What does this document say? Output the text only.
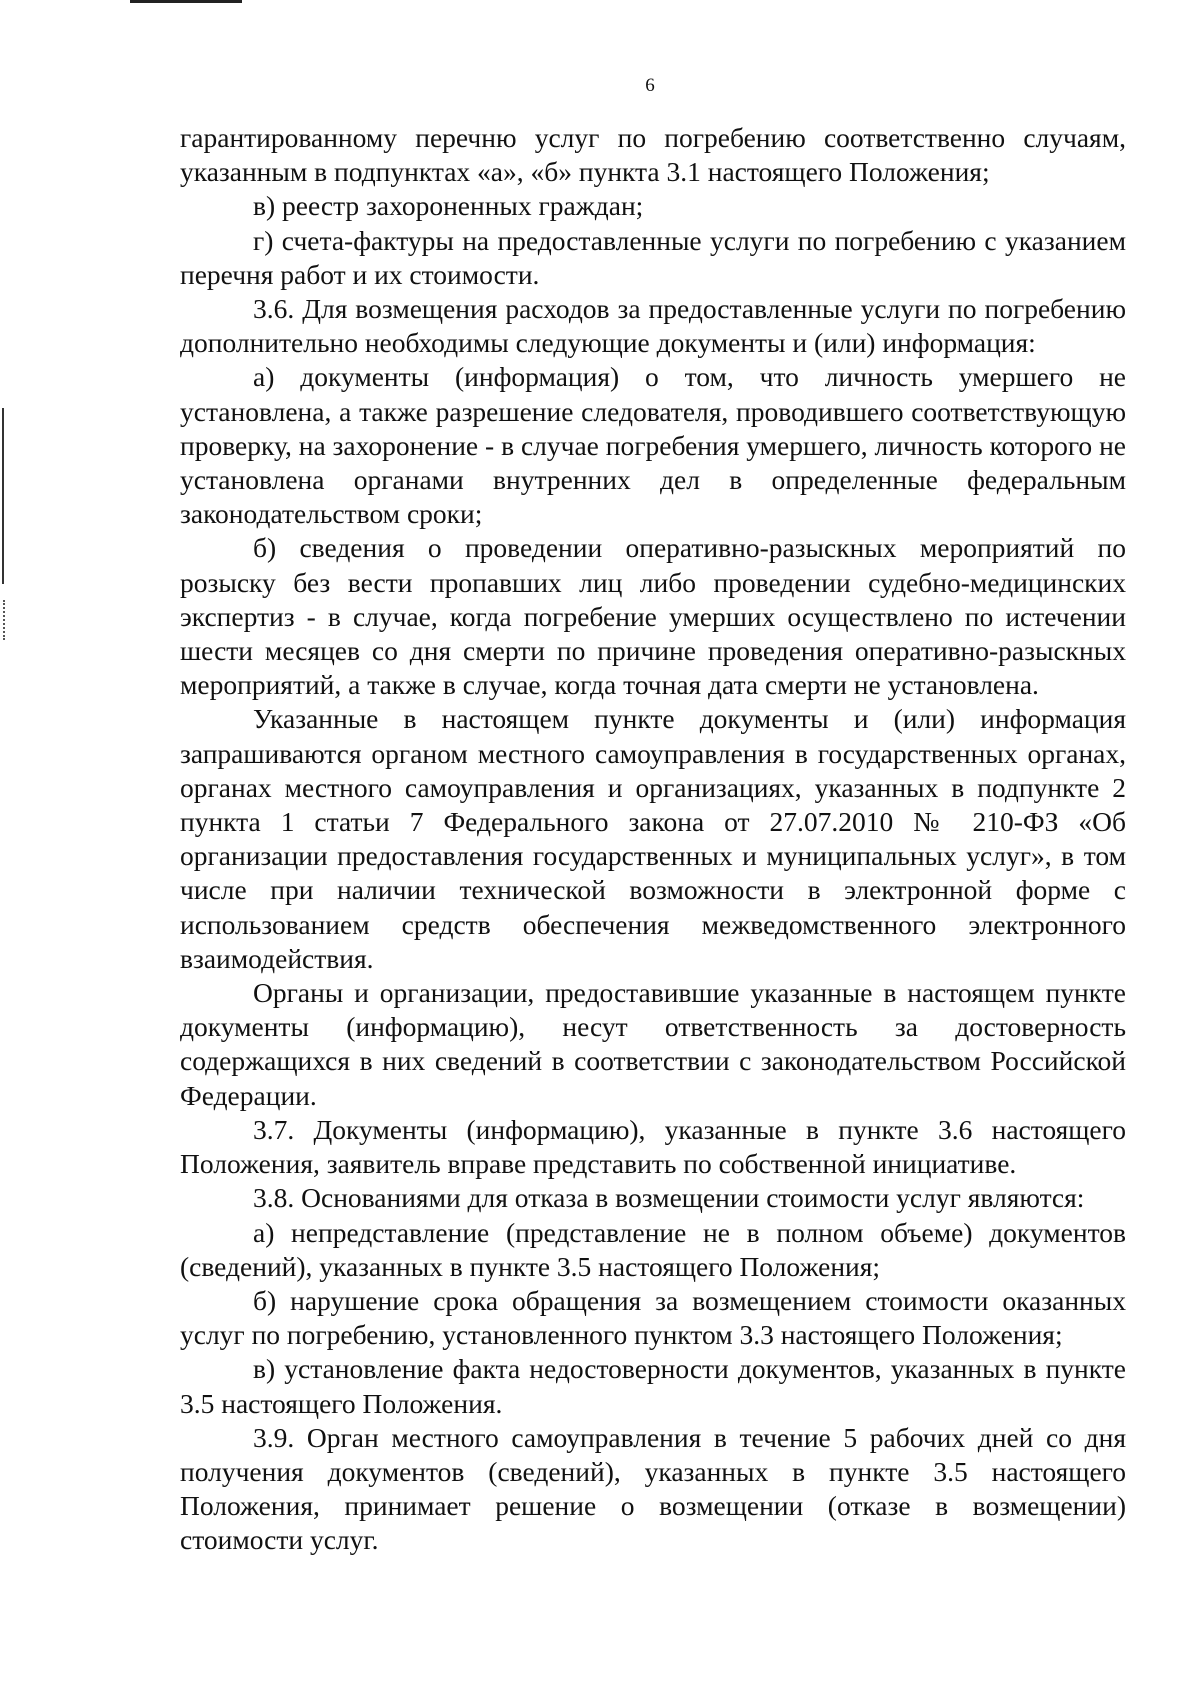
6

гарантированному перечню услуг по погребению соответственно случаям, указанным в подпунктах «а», «б» пункта 3.1 настоящего Положения;

в) реестр захороненных граждан;

г) счета-фактуры на предоставленные услуги по погребению с указанием перечня работ и их стоимости.

3.6. Для возмещения расходов за предоставленные услуги по погребению дополнительно необходимы следующие документы и (или) информация:

а) документы (информация) о том, что личность умершего не установлена, а также разрешение следователя, проводившего соответствующую проверку, на захоронение - в случае погребения умершего, личность которого не установлена органами внутренних дел в определенные федеральным законодательством сроки;

б) сведения о проведении оперативно-разыскных мероприятий по розыску без вести пропавших лиц либо проведении судебно-медицинских экспертиз - в случае, когда погребение умерших осуществлено по истечении шести месяцев со дня смерти по причине проведения оперативно-разыскных мероприятий, а также в случае, когда точная дата смерти не установлена.

Указанные в настоящем пункте документы и (или) информация запрашиваются органом местного самоуправления в государственных органах, органах местного самоуправления и организациях, указанных в подпункте 2 пункта 1 статьи 7 Федерального закона от 27.07.2010 № 210-ФЗ «Об организации предоставления государственных и муниципальных услуг», в том числе при наличии технической возможности в электронной форме с использованием средств обеспечения межведомственного электронного взаимодействия.

Органы и организации, предоставившие указанные в настоящем пункте документы (информацию), несут ответственность за достоверность содержащихся в них сведений в соответствии с законодательством Российской Федерации.

3.7. Документы (информацию), указанные в пункте 3.6 настоящего Положения, заявитель вправе представить по собственной инициативе.

3.8. Основаниями для отказа в возмещении стоимости услуг являются:

а) непредставление (представление не в полном объеме) документов (сведений), указанных в пункте 3.5 настоящего Положения;

б) нарушение срока обращения за возмещением стоимости оказанных услуг по погребению, установленного пунктом 3.3 настоящего Положения;

в) установление факта недостоверности документов, указанных в пункте 3.5 настоящего Положения.

3.9. Орган местного самоуправления в течение 5 рабочих дней со дня получения документов (сведений), указанных в пункте 3.5 настоящего Положения, принимает решение о возмещении (отказе в возмещении) стоимости услуг.
